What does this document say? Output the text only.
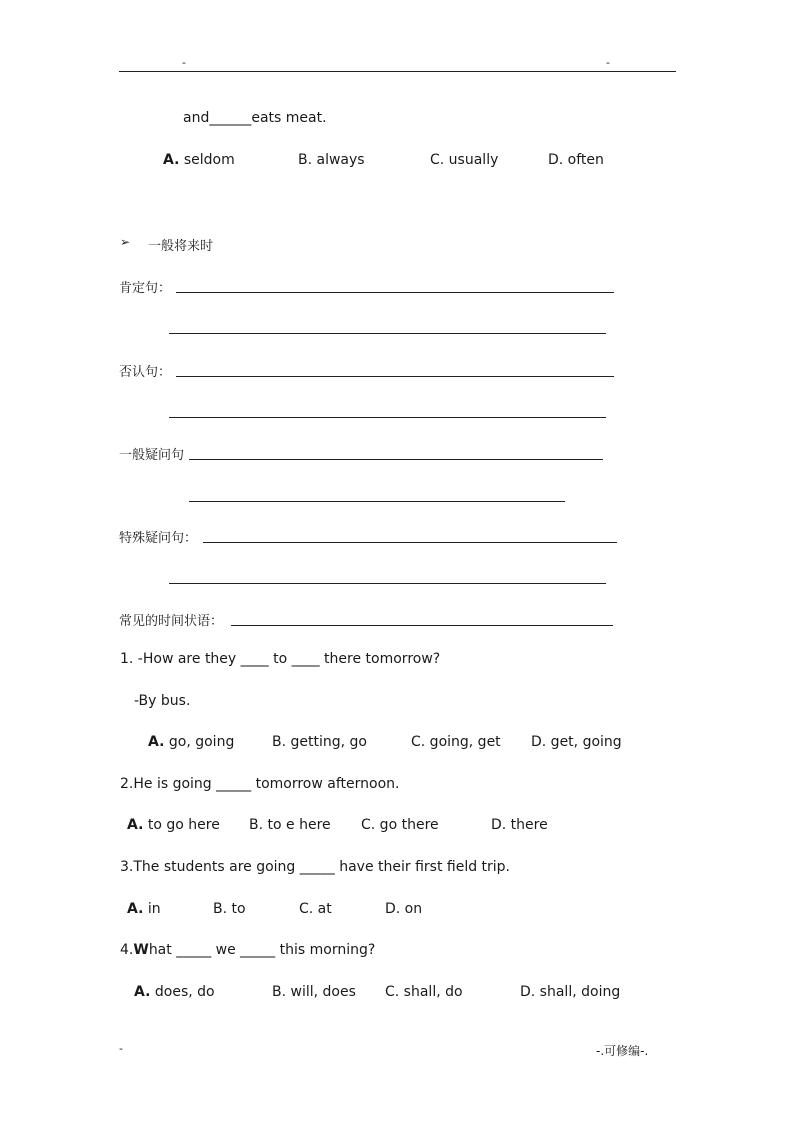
-	-
and______eats meat.
A. seldom	B. always	C. usually	D. often
➢ 一般将来时
肯定句：
否认句：
一般疑问句
特殊疑问句：
常见的时间状语：
1. -How are they ____ to ____ there tomorrow?
-By bus.
A. go, going	B. getting, go	C. going, get D. get, going
2.He is going _____ tomorrow afternoon.
A. to go here B. to e here C. go there	D. there
3.The students are going _____ have their first field trip.
A. in	B. to	C. at	D. on
4.What _____ we _____ this morning?
A. does, do	B. will, does C. shall, do	D. shall, doing
-	-.可修编-.
